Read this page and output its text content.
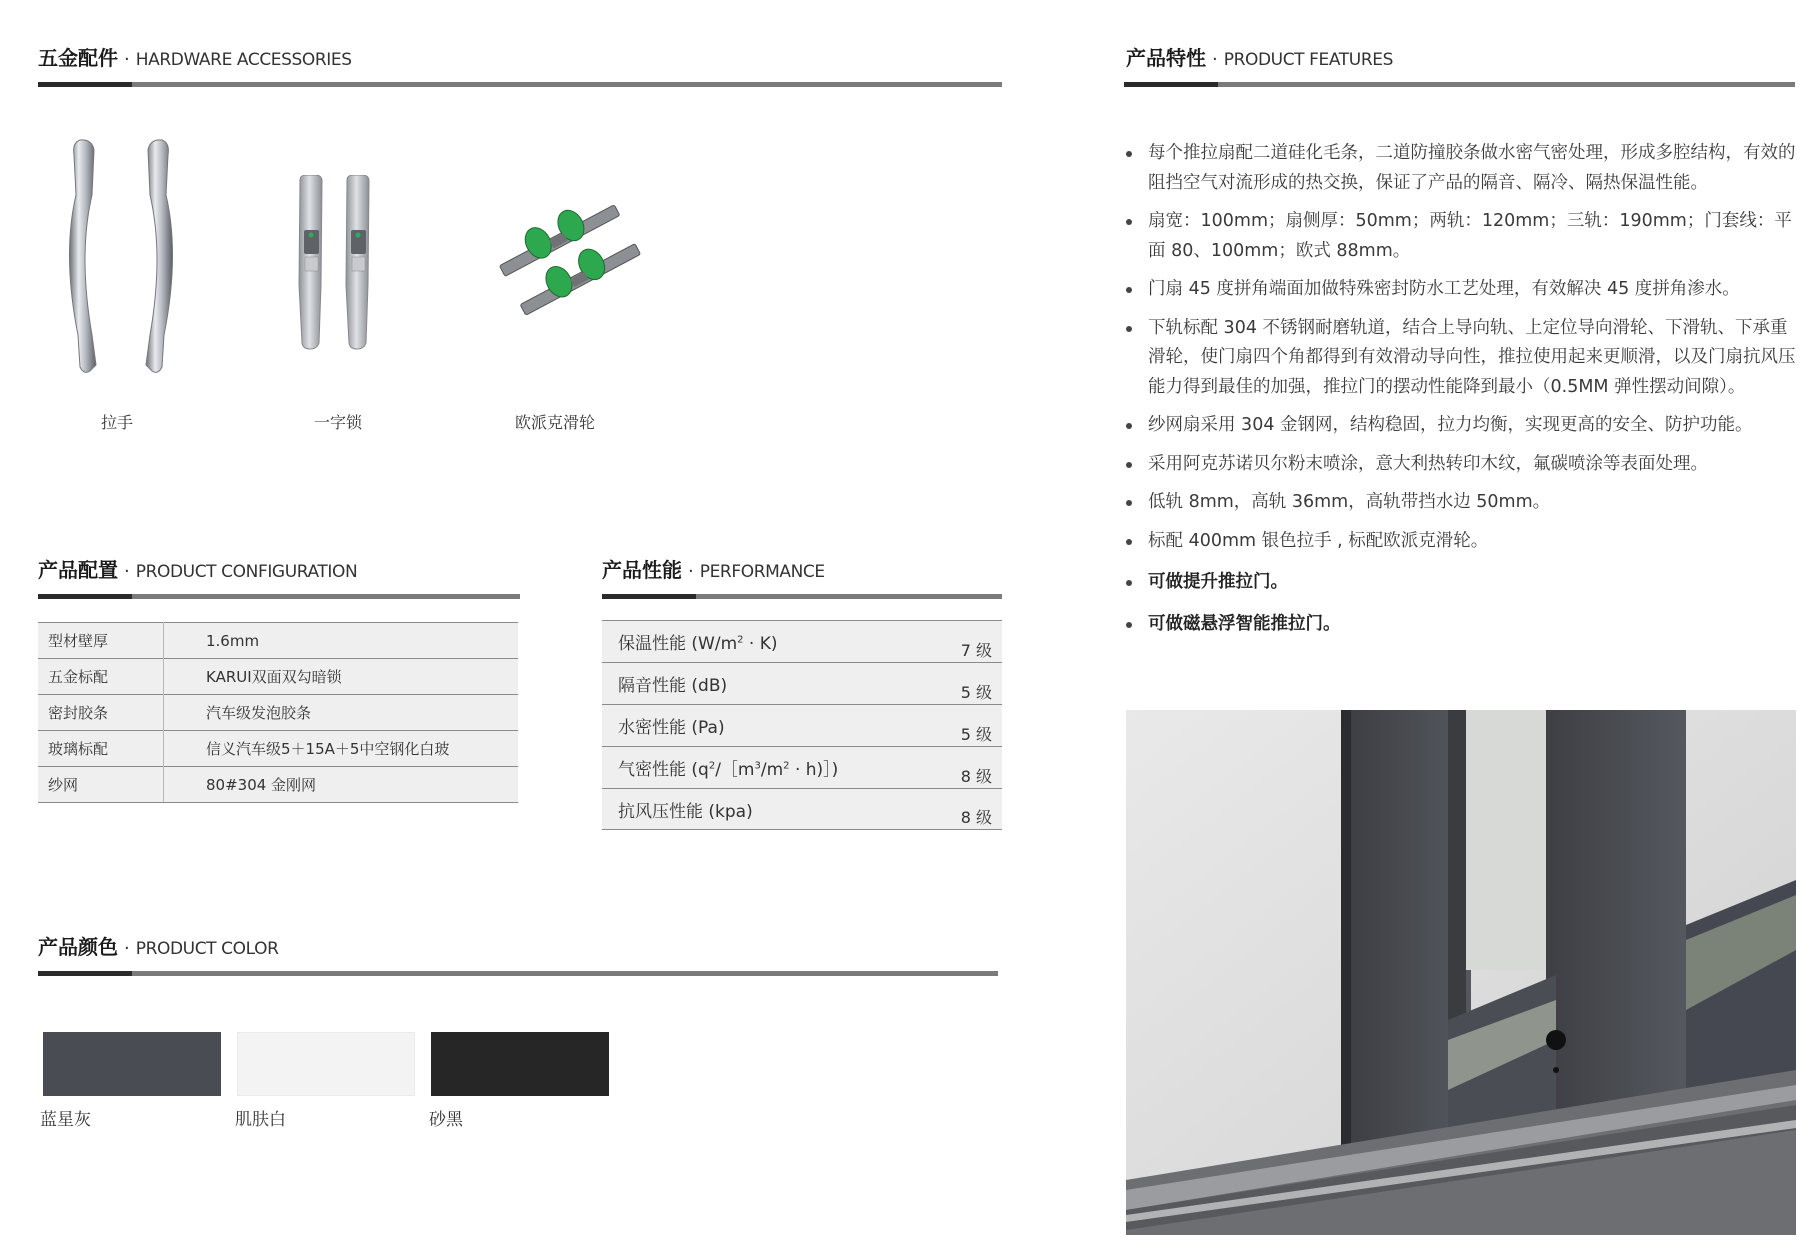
五金配件 · HARDWARE ACCESSORIES
拉手	一字锁	欧派克滑轮
产品配置 · PRODUCT CONFIGURATION
型材壁厚	1.6mm
五金标配	KARUI双面双勾暗锁
密封胶条	汽车级发泡胶条
玻璃标配	信义汽车级5＋15A＋5中空钢化白玻
纱网	80#304 金刚网
产品性能 · PERFORMANCE
保温性能 $(W/m^2 \cdot K)$	7 级
隔音性能 (dB)	5 级
水密性能 (Pa)	5 级
气密性能 ($q^2/[m^3/m^2$ · h)］)	8 级
抗风压性能 (kpa)	8 级
产品颜色 · PRODUCT COLOR
蓝星灰	肌肤白	砂黑
产品特性 · PRODUCT FEATURES
每个推拉扇配二道硅化毛条，二道防撞胶条做水密气密处理，形成多腔结构，有效的阻挡空气对流形成的热交换，保证了产品的隔音、隔冷、隔热保温性能。
扇宽：100mm；扇侧厚：50mm；两轨：120mm；三轨：190mm；门套线：平面 80、100mm；欧式 88mm。
门扇 45 度拼角端面加做特殊密封防水工艺处理，有效解决 45 度拼角渗水。
下轨标配 304 不锈钢耐磨轨道，结合上导向轨、上定位导向滑轮、下滑轨、下承重滑轮，使门扇四个角都得到有效滑动导向性，推拉使用起来更顺滑，以及门扇抗风压能力得到最佳的加强，推拉门的摆动性能降到最小（0.5MM 弹性摆动间隙）。
纱网扇采用 304 金钢网，结构稳固，拉力均衡，实现更高的安全、防护功能。
采用阿克苏诺贝尔粉末喷涂，意大利热转印木纹，氟碳喷涂等表面处理。
低轨 8mm，高轨 36mm，高轨带挡水边 50mm。
标配 400mm 银色拉手 , 标配欧派克滑轮。
可做提升推拉门。
可做磁悬浮智能推拉门。
